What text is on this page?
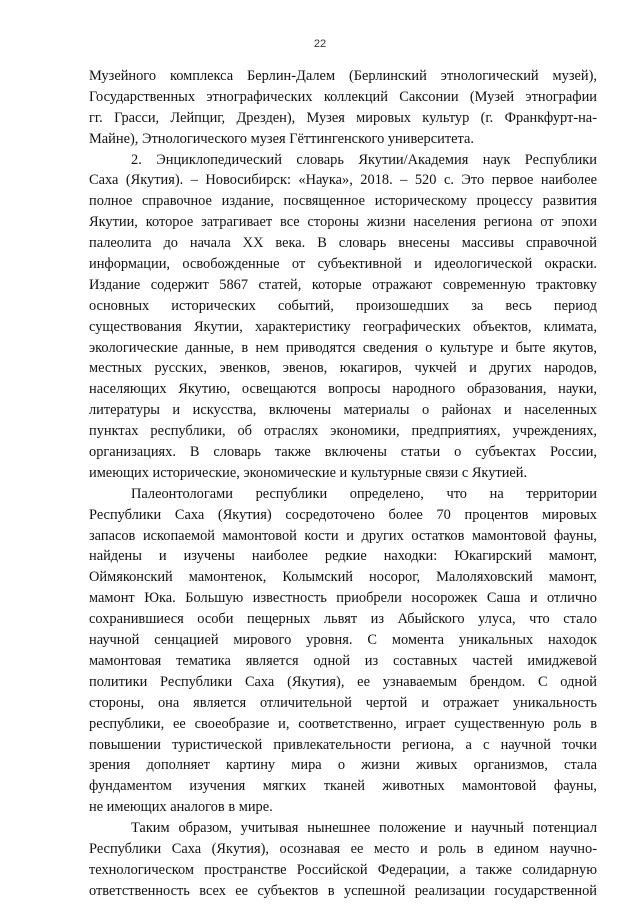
22
Музейного комплекса Берлин-Далем (Берлинский этнологический музей),
Государственных этнографических коллекций Саксонии (Музей этнографии
гг. Грасси, Лейпциг, Дрезден), Музея мировых культур (г. Франкфурт-на-
Майне), Этнологического музея Гёттингенского университета.
2. Энциклопедический словарь Якутии/Академия наук Республики
Саха (Якутия). – Новосибирск: «Наука», 2018. – 520 с. Это первое наиболее
полное справочное издание, посвященное историческому процессу развития
Якутии, которое затрагивает все стороны жизни населения региона от эпохи
палеолита до начала XX века. В словарь внесены массивы справочной
информации, освобожденные от субъективной и идеологической окраски.
Издание содержит 5867 статей, которые отражают современную трактовку
основных исторических событий, произошедших за весь период
существования Якутии, характеристику географических объектов, климата,
экологические данные, в нем приводятся сведения о культуре и быте якутов,
местных русских, эвенков, эвенов, юкагиров, чукчей и других народов,
населяющих Якутию, освещаются вопросы народного образования, науки,
литературы и искусства, включены материалы о районах и населенных
пунктах республики, об отраслях экономики, предприятиях, учреждениях,
организациях. В словарь также включены статьи о субъектах России,
имеющих исторические, экономические и культурные связи с Якутией.
Палеонтологами республики определено, что на территории
Республики Саха (Якутия) сосредоточено более 70 процентов мировых
запасов ископаемой мамонтовой кости и других остатков мамонтовой фауны,
найдены и изучены наиболее редкие находки: Юкагирский мамонт,
Оймяконский мамонтенок, Колымский носорог, Малоляховский мамонт,
мамонт Юка. Большую известность приобрели носорожек Саша и отлично
сохранившиеся особи пещерных львят из Абыйского улуса, что стало
научной сенцацией мирового уровня. С момента уникальных находок
мамонтовая тематика является одной из составных частей имиджевой
политики Республики Саха (Якутия), ее узнаваемым брендом. С одной
стороны, она является отличительной чертой и отражает уникальность
республики, ее своеобразие и, соответственно, играет существенную роль в
повышении туристической привлекательности региона, а с научной точки
зрения дополняет картину мира о жизни живых организмов, стала
фундаментом изучения мягких тканей животных мамонтовой фауны,
не имеющих аналогов в мире.
Таким образом, учитывая нынешнее положение и научный потенциал
Республики Саха (Якутия), осознавая ее место и роль в едином научно-
технологическом пространстве Российской Федерации, а также солидарную
ответственность всех ее субъектов в успешной реализации государственной
